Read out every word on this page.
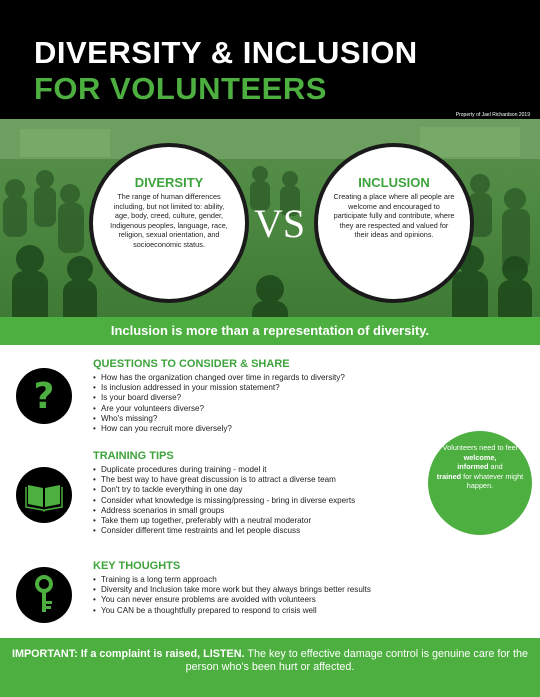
DIVERSITY & INCLUSION
FOR VOLUNTEERS
Property of Jael Richardson 2019
DIVERSITY

The range of human differences including, but not limited to: ability, age, body, creed, culture, gender, Indigenous peoples, language, race, religion, sexual orientation, and socioeconomic status.	VS
INCLUSION

Creating a place where all people are welcome and encouraged to participate fully and contribute, where they are respected and valued for their ideas and opinions.

Inclusion is more than a representation of diversity.
?
QUESTIONS TO CONSIDER & SHARE
• How has the organization changed over time in regards to diversity?
• Is inclusion addressed in your mission statement?
• Is your board diverse?
• Are your volunteers diverse?
• Who's missing?
• How can you recruit more diversely?
TRAINING TIPS
• Duplicate procedures during training - model it
• The best way to have great discussion is to attract a diverse team
• Don't try to tackle everything in one day
• Consider what knowledge is missing/pressing - bring in diverse experts
• Address scenarios in small groups
• Take them up together, preferably with a neutral moderator
• Consider different time restraints and let people discuss
Volunteers need to feel welcome,
informed and
trained for whatever might happen.
KEY THOUGHTS
• Training is a long term approach
• Diversity and Inclusion take more work but they always brings better results
• You can never ensure problems are avoided with volunteers
• You CAN be a thoughtfully prepared to respond to crisis well
IMPORTANT: If a complaint is raised, LISTEN. The key to effective damage control is genuine care for the person who's been hurt or affected.
